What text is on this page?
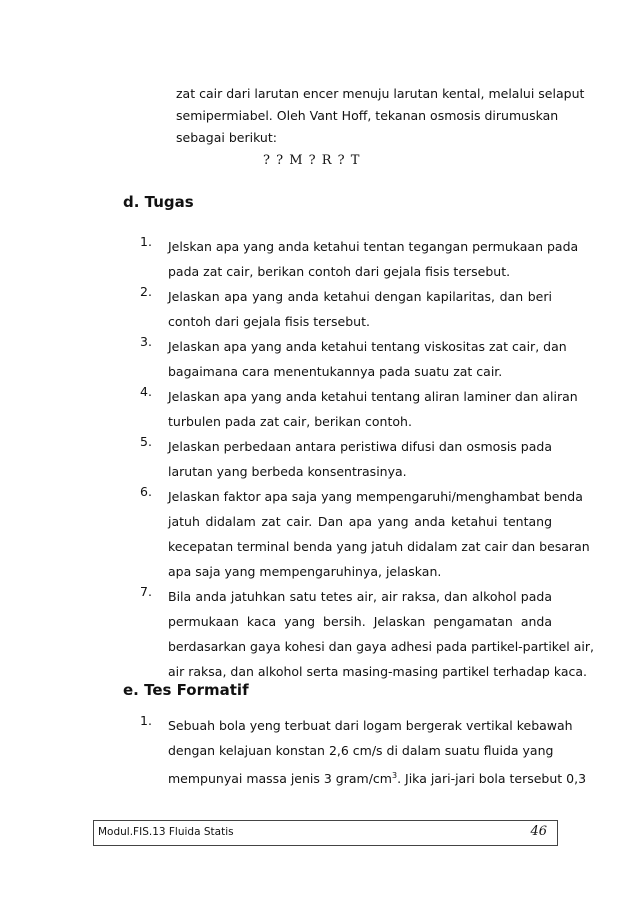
zat cair dari larutan encer menuju larutan kental, melalui selaput
semipermiabel. Oleh Vant Hoff, tekanan osmosis dirumuskan
sebagai berikut:
? ? M ? R ? T
d. Tugas
1.	Jelskan apa yang anda ketahui tentan tegangan permukaan pada
pada zat cair, berikan contoh dari gejala fisis tersebut.
2.	Jelaskan apa yang anda ketahui dengan kapilaritas, dan beri
contoh dari gejala fisis tersebut.
3.	Jelaskan apa yang anda ketahui tentang viskositas zat cair, dan
bagaimana cara menentukannya pada suatu zat cair.
4.	Jelaskan apa yang anda ketahui tentang aliran laminer dan aliran
turbulen pada zat cair, berikan contoh.
5.	Jelaskan perbedaan antara peristiwa difusi dan osmosis pada
larutan yang berbeda konsentrasinya.
6.	Jelaskan faktor apa saja yang mempengaruhi/menghambat benda
jatuh didalam zat cair. Dan apa yang anda ketahui tentang
kecepatan terminal benda yang jatuh didalam zat cair dan besaran
apa saja yang mempengaruhinya, jelaskan.
7.	Bila anda jatuhkan satu tetes air, air raksa, dan alkohol pada
permukaan kaca yang bersih. Jelaskan pengamatan anda
berdasarkan gaya kohesi dan gaya adhesi pada partikel-partikel air,
air raksa, dan alkohol serta masing-masing partikel terhadap kaca.
e. Tes Formatif
1.	Sebuah bola yeng terbuat dari logam bergerak vertikal kebawah
dengan kelajuan konstan 2,6 cm/s di dalam suatu fluida yang
mempunyai massa jenis 3 gram/$cm^3$. Jika jari-jari bola tersebut 0,3
Modul.FIS.13 Fluida Statis	46
